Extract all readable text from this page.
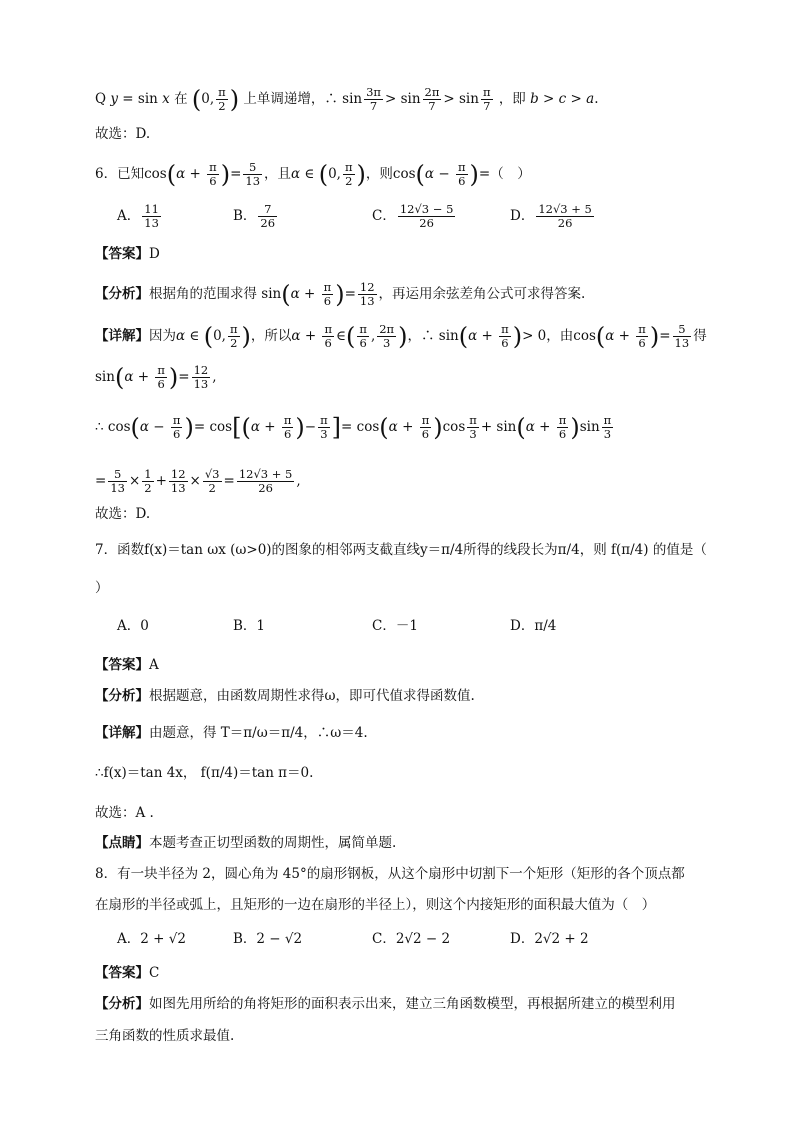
Q y = sin x 在 (0, $\frac{\pi}{2}$ ) 上单调递增，∴ $\sin \frac{3\pi}{7} > \sin \frac{2\pi}{7} > \sin \frac{\pi}{7}$ ，即 b > c > a.
故选：D.
6．已知$\cos(\alpha + \frac{\pi}{6}$ )= $\frac{5}{13}$ ，且α ∈ (0, $\frac{\pi}{2}$ )，则$\cos(\alpha - \frac{\pi}{6}$ )=（　）
A． $\frac{11}{13}$	B． $\frac{7}{26}$	C． $\frac{12√3 - 5}{26}$	D． $\frac{12√3 + 5}{26}$
【答案】D
【分析】根据角的范围求得 $\sin(\alpha + \frac{\pi}{6}$ )= $\frac{12}{13}$ ，再运用余弦差角公式可求得答案.
【详解】因为α ∈ (0, $\frac{\pi}{2}$ )，所以$\alpha + \frac{\pi}{6}$ ∈( $\frac{\pi}{6}$ , $\frac{2\pi}{3}$ )，∴ $\sin(\alpha + \frac{\pi}{6}$ )> 0，由$\cos(\alpha + \frac{\pi}{6}$ )= $\frac{5}{13}$ 得
$\sin(\alpha + \frac{\pi}{6}$ )= $\frac{12}{13}$ ,
∴ $\cos(\alpha - \frac{\pi}{6}$ )= $\cos[(\alpha + \frac{\pi}{6}$ )− $\frac{\pi}{3}$ ]= $\cos(\alpha + \frac{\pi}{6} )\cos \frac{\pi}{3} + \sin(\alpha + \frac{\pi}{6} )\sin \frac{\pi}{3}$
= $\frac{5}{13} \times \frac{1}{2} + \frac{12}{13} \times \frac{√3}{2} = \frac{12√3 + 5}{26}$ ,
故选：D.
7．函数f(x)＝tan ωx (ω>0)的图象的相邻两支截直线y＝π/4所得的线段长为π/4，则 f(π/4) 的值是（
）
A．0	B．1	C．－1	D．π/4
【答案】A
【分析】根据题意，由函数周期性求得ω，即可代值求得函数值.
【详解】由题意，得 T＝π/ω＝π/4，∴ω＝4.
∴f(x)＝tan 4x， f(π/4)＝tan π＝0.
故选：A .
【点睛】本题考查正切型函数的周期性，属简单题.
8．有一块半径为 2，圆心角为 45°的扇形钢板，从这个扇形中切割下一个矩形（矩形的各个顶点都
在扇形的半径或弧上，且矩形的一边在扇形的半径上），则这个内接矩形的面积最大值为（　）
A．2 + √2	B．2 − √2	C．2√2 − 2	D．2√2 + 2
【答案】C
【分析】如图先用所给的角将矩形的面积表示出来，建立三角函数模型，再根据所建立的模型利用
三角函数的性质求最值.
